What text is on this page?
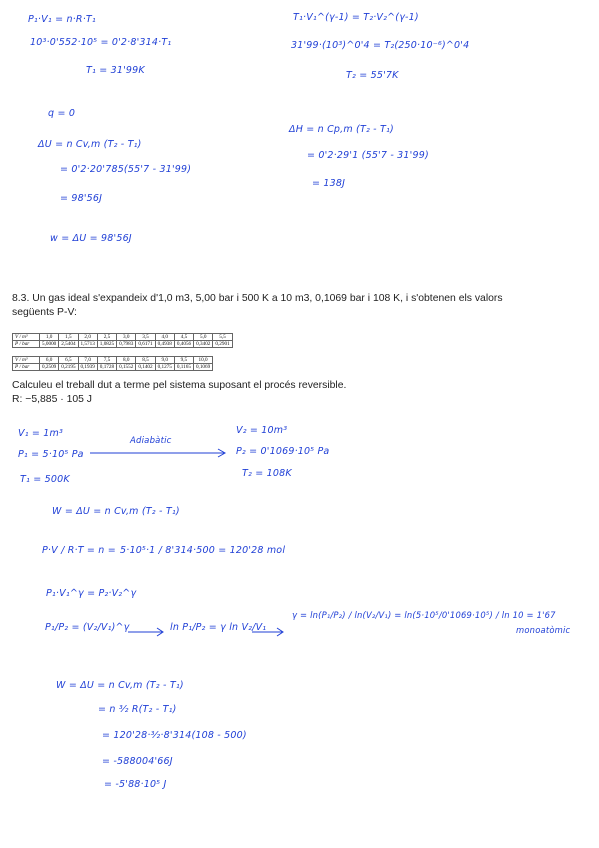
P₁·V₁ = n·R·T₁
10³·0'552·10⁵ = 0'2·8'314·T₁
T₁ = 31'99K
T₁·V₁^(γ-1) = T₂·V₂^(γ-1)
31'99·(10³)^0'4 = T₂(250·10⁻⁶)^0'4
T₂ = 55'7K
q = 0
ΔU = n Cv,m (T₂ - T₁)
= 0'2·20'785(55'7 - 31'99)
= 98'56J
w = ΔU = 98'56J
ΔH = n Cp,m (T₂ - T₁)
= 0'2·29'1 (55'7 - 31'99)
= 138J
8.3. Un gas ideal s'expandeix d'1,0 m3, 5,00 bar i 500 K a 10 m3, 0,1069 bar i 108 K, i s'obtenen els valors
següents P-V:
V / m³	1,0	1,5	2,0	2,5	3,0	3,5	4,0	4,5	5,0	5,5
P / bar	5,0000	2,5404	1,5713	1,0825	0,7983	0,6171	0,4938	0,4056	0,3402	0,2901
V / m³	6,0	6,5	7,0	7,5	8,0	8,5	9,0	9,5	10,0
P / bar	0,2509	0,2195	0,1939	0,1728	0,1552	0,1402	0,1275	0,1165	0,1069
Calculeu el treball dut a terme pel sistema suposant el procés reversible.
R: −5,885 · 105 J
V₁ = 1m³
P₁ = 5·10⁵ Pa
T₁ = 500K
Adiabàtic
V₂ = 10m³
P₂ = 0'1069·10⁵ Pa
T₂ = 108K
W = ΔU = n Cv,m (T₂ - T₁)
P·V / R·T = n = 5·10⁵·1 / 8'314·500 = 120'28 mol
P₁·V₁^γ = P₂·V₂^γ
P₁/P₂ = (V₂/V₁)^γ	ln P₁/P₂ = γ ln V₂/V₁
γ = ln(P₁/P₂) / ln(V₂/V₁) = ln(5·10⁵/0'1069·10⁵) / ln 10 = 1'67
monoatòmic
W = ΔU = n Cv,m (T₂ - T₁)
= n ³⁄₂ R(T₂ - T₁)
= 120'28·³⁄₂·8'314(108 - 500)
= -588004'66J
= -5'88·10⁵ J
